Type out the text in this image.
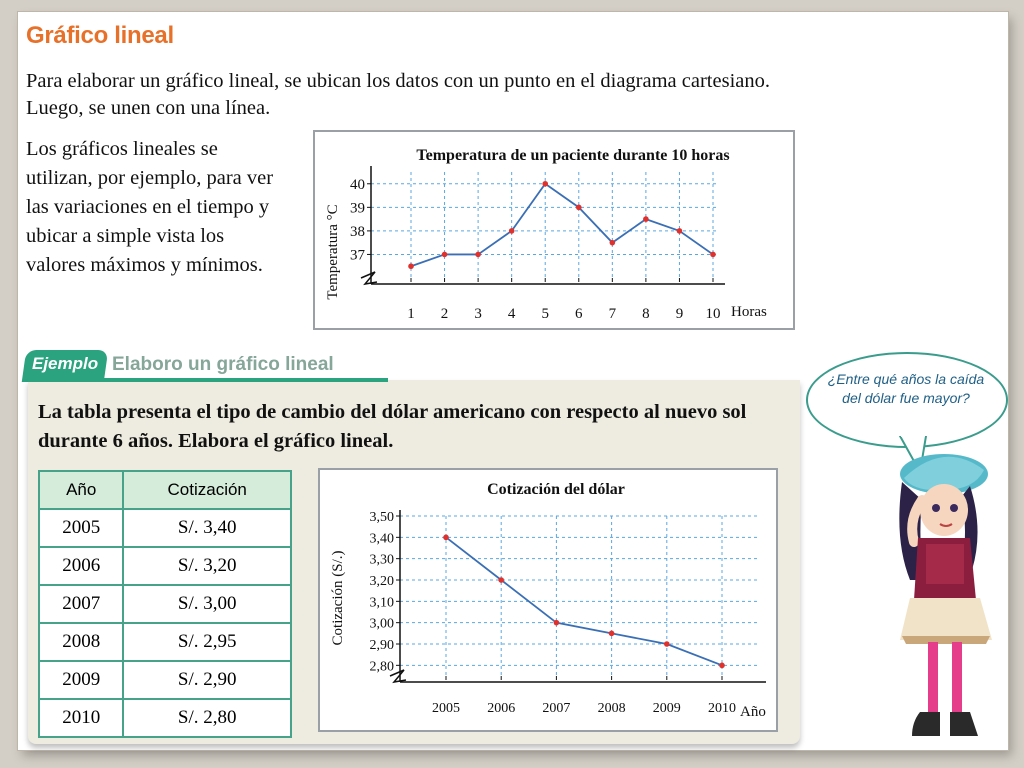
Gráfico lineal
Para elaborar un gráfico lineal, se ubican los datos con un punto en el diagrama cartesiano. Luego, se unen con una línea.
Los gráficos lineales se utilizan, por ejemplo, para ver las variaciones en el tiempo y ubicar a simple vista los valores máximos y mínimos.
Temperatura de un paciente durante 10 horas
Temperatura °C
Horas
37
38
39
40
1 2 3 4 5 6 7 8 9 10
Ejemplo Elaboro un gráfico lineal
La tabla presenta el tipo de cambio del dólar americano con respecto al nuevo sol durante 6 años. Elabora el gráfico lineal.
Año	Cotización
2005	S/. 3,40
2006	S/. 3,20
2007	S/. 3,00
2008	S/. 2,95
2009	S/. 2,90
2010	S/. 2,80
Cotización del dólar
Cotización (S/.)
Año
2,80
2,90
3,00
3,10
3,20
3,30
3,40
3,50
2005 2006 2007 2008 2009 2010
¿Entre qué años la caída del dólar fue mayor?
